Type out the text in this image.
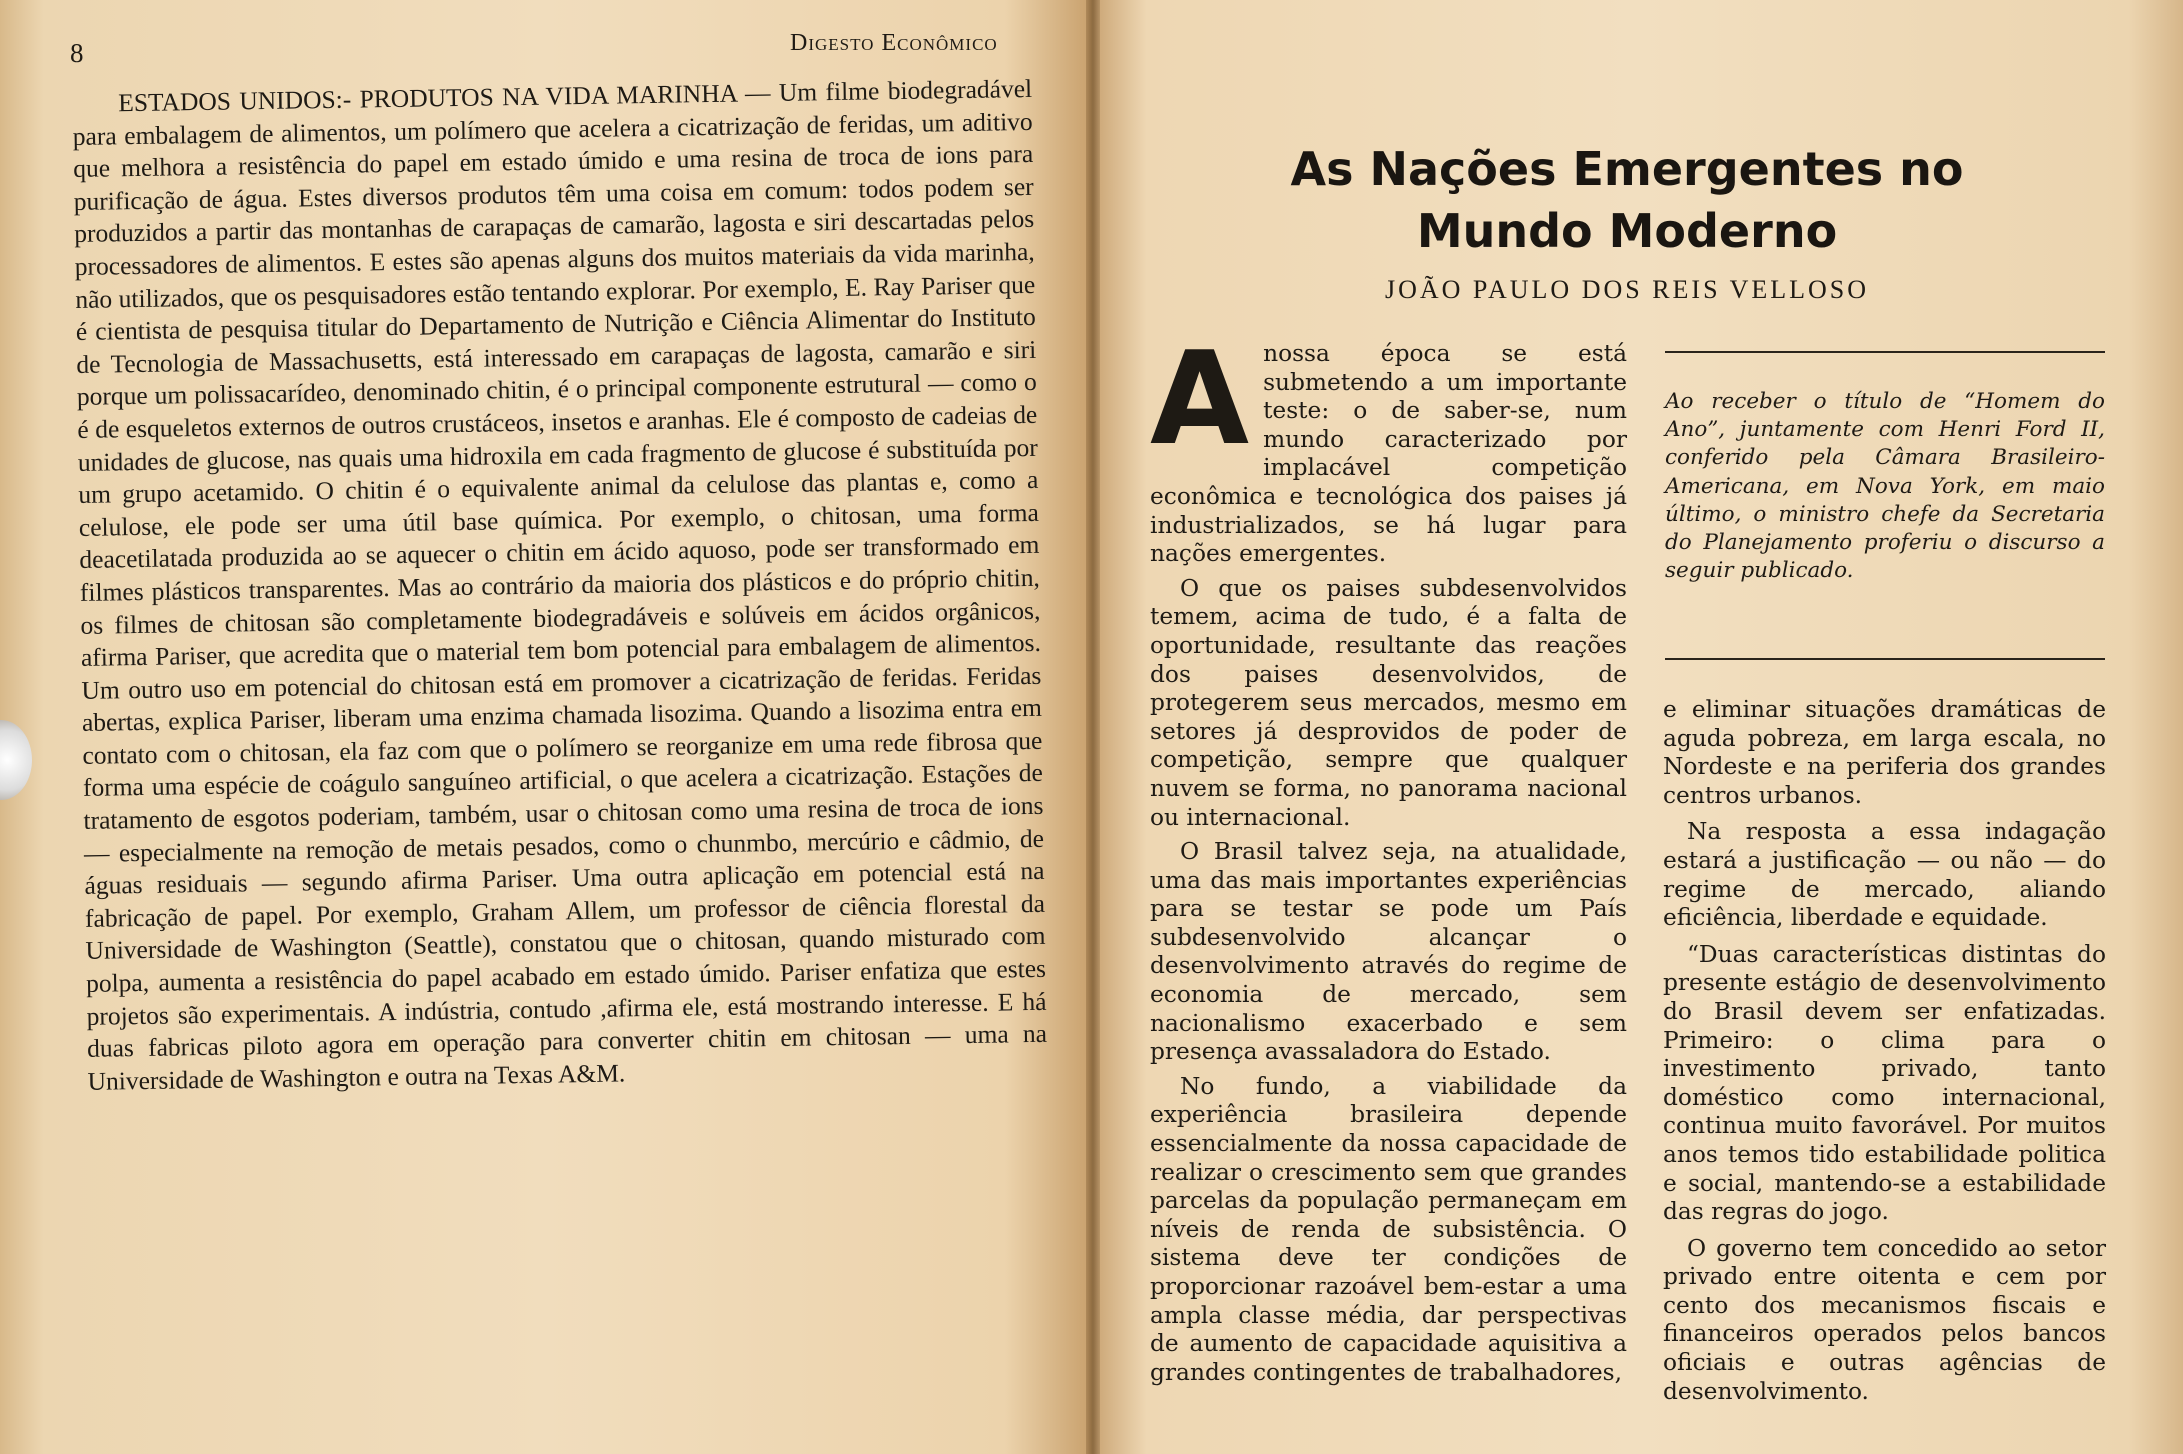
8	Digesto Econômico
ESTADOS UNIDOS:- PRODUTOS NA VIDA MARINHA — Um filme biodegradável para embalagem de alimentos, um polímero que acelera a cicatrização de feridas, um aditivo que melhora a resistência do papel em estado úmido e uma resina de troca de ions para purificação de água. Estes diversos produtos têm uma coisa em comum: todos podem ser produzidos a partir das montanhas de carapaças de camarão, lagosta e siri descartadas pelos processadores de alimentos. E estes são apenas alguns dos muitos materiais da vida marinha, não utilizados, que os pesquisadores estão tentando explorar. Por exemplo, E. Ray Pariser que é cientista de pesquisa titular do Departamento de Nutrição e Ciência Alimentar do Instituto de Tecnologia de Massachusetts, está interessado em carapaças de lagosta, camarão e siri porque um polissacarídeo, denominado chitin, é o principal componente estrutural — como o é de esqueletos externos de outros crustáceos, insetos e aranhas. Ele é composto de cadeias de unidades de glucose, nas quais uma hidroxila em cada fragmento de glucose é substituída por um grupo acetamido. O chitin é o equivalente animal da celulose das plantas e, como a celulose, ele pode ser uma útil base química. Por exemplo, o chitosan, uma forma deacetilatada produzida ao se aquecer o chitin em ácido aquoso, pode ser transformado em filmes plásticos transparentes. Mas ao contrário da maioria dos plásticos e do próprio chitin, os filmes de chitosan são completamente biodegradáveis e solúveis em ácidos orgânicos, afirma Pariser, que acredita que o material tem bom potencial para embalagem de alimentos. Um outro uso em potencial do chitosan está em promover a cicatrização de feridas. Feridas abertas, explica Pariser, liberam uma enzima chamada lisozima. Quando a lisozima entra em contato com o chitosan, ela faz com que o polímero se reorganize em uma rede fibrosa que forma uma espécie de coágulo sanguíneo artificial, o que acelera a cicatrização. Estações de tratamento de esgotos poderiam, também, usar o chitosan como uma resina de troca de ions — especialmente na remoção de metais pesados, como o chunmbo, mercúrio e câdmio, de águas residuais — segundo afirma Pariser. Uma outra aplicação em potencial está na fabricação de papel. Por exemplo, Graham Allem, um professor de ciência florestal da Universidade de Washington (Seattle), constatou que o chitosan, quando misturado com polpa, aumenta a resistência do papel acabado em estado úmido. Pariser enfatiza que estes projetos são experimentais. A indústria, contudo ,afirma ele, está mostrando interesse. E há duas fabricas piloto agora em operação para converter chitin em chitosan — uma na Universidade de Washington e outra na Texas A&M.
As Nações Emergentes no Mundo Moderno
JOÃO PAULO DOS REIS VELLOSO

Anossa época se está submetendo a um importante teste: o de saber-se, num mundo caracterizado por implacável competição econômica e tecnológica dos paises já industrializados, se há lugar para nações emergentes.

O que os paises subdesenvolvidos temem, acima de tudo, é a falta de oportunidade, resultante das reações dos paises desenvolvidos, de protegerem seus mercados, mesmo em setores já desprovidos de poder de competição, sempre que qualquer nuvem se forma, no panorama nacional ou internacional.

O Brasil talvez seja, na atualidade, uma das mais importantes experiências para se testar se pode um País subdesenvolvido alcançar o desenvolvimento através do regime de economia de mercado, sem nacionalismo exacerbado e sem presença avassaladora do Estado.

No fundo, a viabilidade da experiência brasileira depende essencialmente da nossa capacidade de realizar o crescimento sem que grandes parcelas da população permaneçam em níveis de renda de subsistência. O sistema deve ter condições de proporcionar razoável bem-estar a uma ampla classe média, dar perspectivas de aumento de capacidade aquisitiva a grandes contingentes de trabalhadores,

Ao receber o título de “Homem do Ano”, juntamente com Henri Ford II, conferido pela Câmara Brasileiro-Americana, em Nova York, em maio último, o ministro chefe da Secretaria do Planejamento proferiu o discurso a seguir publicado.

e eliminar situações dramáticas de aguda pobreza, em larga escala, no Nordeste e na periferia dos grandes centros urbanos.

Na resposta a essa indagação estará a justificação — ou não — do regime de mercado, aliando eficiência, liberdade e equidade.

“Duas características distintas do presente estágio de desenvolvimento do Brasil devem ser enfatizadas. Primeiro: o clima para o investimento privado, tanto doméstico como internacional, continua muito favorável. Por muitos anos temos tido estabilidade politica e social, mantendo-se a estabilidade das regras do jogo.

O governo tem concedido ao setor privado entre oitenta e cem por cento dos mecanismos fiscais e financeiros operados pelos bancos oficiais e outras agências de desenvolvimento.
